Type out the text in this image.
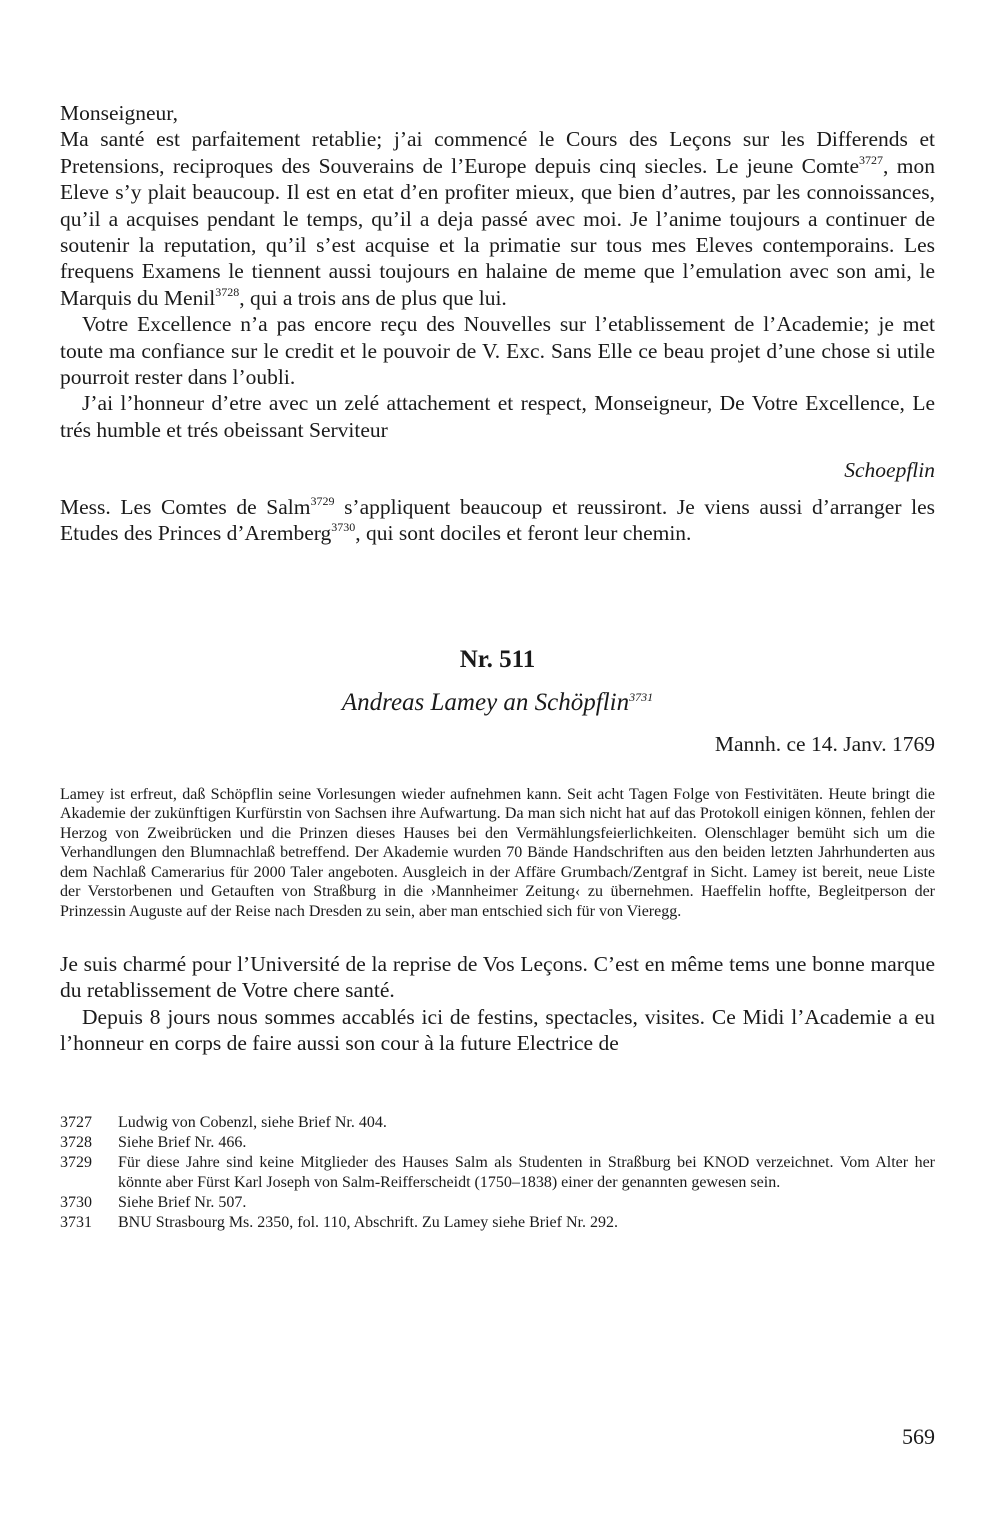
Monseigneur,

Ma santé est parfaitement retablie; j’ai commencé le Cours des Leçons sur les Differends et Pretensions, reciproques des Souverains de l’Europe depuis cinq siecles. Le jeune Comte$^{3727}$, mon Eleve s’y plait beaucoup. Il est en etat d’en profiter mieux, que bien d’autres, par les connoissances, qu’il a acquises pendant le temps, qu’il a deja passé avec moi. Je l’anime toujours a continuer de soutenir la reputation, qu’il s’est acquise et la primatie sur tous mes Eleves contemporains. Les frequens Examens le tiennent aussi toujours en halaine de meme que l’emulation avec son ami, le Marquis du Menil$^{3728}$, qui a trois ans de plus que lui.

Votre Excellence n’a pas encore reçu des Nouvelles sur l’etablissement de l’Academie; je met toute ma confiance sur le credit et le pouvoir de V. Exc. Sans Elle ce beau projet d’une chose si utile pourroit rester dans l’oubli.

J’ai l’honneur d’etre avec un zelé attachement et respect, Monseigneur, De Votre Excellence, Le trés humble et trés obeissant Serviteur

Schoepflin

Mess. Les Comtes de Salm$^{3729}$ s’appliquent beaucoup et reussiront. Je viens aussi d’arranger les Etudes des Princes d’Aremberg$^{3730}$, qui sont dociles et feront leur chemin.

Nr. 511
Andreas Lamey an Schöpflin$^{3731}$
Mannh. ce 14. Janv. 1769
Lamey ist erfreut, daß Schöpflin seine Vorlesungen wieder aufnehmen kann. Seit acht Tagen Folge von Festivitäten. Heute bringt die Akademie der zukünftigen Kurfürstin von Sachsen ihre Aufwartung. Da man sich nicht hat auf das Protokoll einigen können, fehlen der Herzog von Zweibrücken und die Prinzen dieses Hauses bei den Vermählungsfeierlichkeiten. Olenschlager bemüht sich um die Verhandlungen den Blumnachlaß betreffend. Der Akademie wurden 70 Bände Handschriften aus den beiden letzten Jahrhunderten aus dem Nachlaß Camerarius für 2000 Taler angeboten. Ausgleich in der Affäre Grumbach/Zentgraf in Sicht. Lamey ist bereit, neue Liste der Verstorbenen und Getauften von Straßburg in die ›Mannheimer Zeitung‹ zu übernehmen. Haeffelin hoffte, Begleitperson der Prinzessin Auguste auf der Reise nach Dresden zu sein, aber man entschied sich für von Vieregg.

Je suis charmé pour l’Université de la reprise de Vos Leçons. C’est en même tems une bonne marque du retablissement de Votre chere santé.

Depuis 8 jours nous sommes accablés ici de festins, spectacles, visites. Ce Midi l’Academie a eu l’honneur en corps de faire aussi son cour à la future Electrice de

3727	Ludwig von Cobenzl, siehe Brief Nr. 404.
3728	Siehe Brief Nr. 466.
3729	Für diese Jahre sind keine Mitglieder des Hauses Salm als Studenten in Straßburg bei KNOD verzeichnet. Vom Alter her könnte aber Fürst Karl Joseph von Salm-Reifferscheidt (1750–1838) einer der genannten gewesen sein.
3730	Siehe Brief Nr. 507.
3731	BNU Strasbourg Ms. 2350, fol. 110, Abschrift. Zu Lamey siehe Brief Nr. 292.
569
